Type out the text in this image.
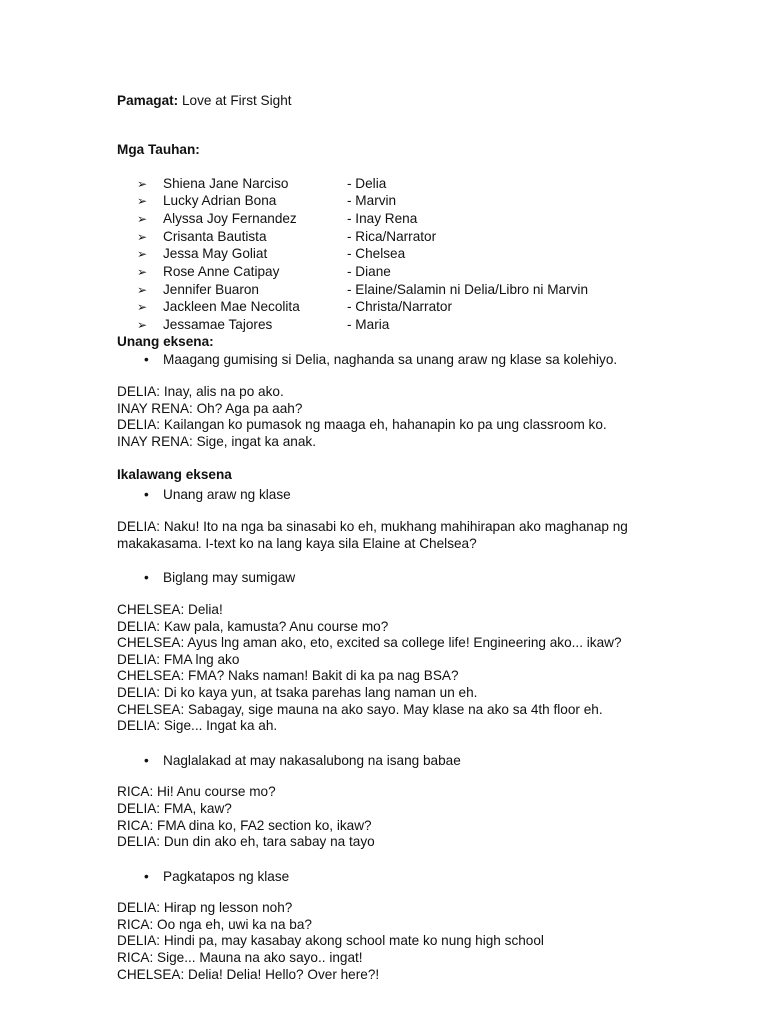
Pamagat: Love at First Sight
Mga Tauhan:
➢	Shiena Jane Narciso	- Delia
➢	Lucky Adrian Bona	- Marvin
➢	Alyssa Joy Fernandez	- Inay Rena
➢	Crisanta Bautista	- Rica/Narrator
➢	Jessa May Goliat	- Chelsea
➢	Rose Anne Catipay	- Diane
➢	Jennifer Buaron	- Elaine/Salamin ni Delia/Libro ni Marvin
➢	Jackleen Mae Necolita	- Christa/Narrator
➢	Jessamae Tajores	- Maria
Unang eksena:
•	Maagang gumising si Delia, naghanda sa unang araw ng klase sa kolehiyo.
DELIA: Inay, alis na po ako.
INAY RENA: Oh? Aga pa aah?
DELIA: Kailangan ko pumasok ng maaga eh, hahanapin ko pa ung classroom ko.
INAY RENA: Sige, ingat ka anak.
Ikalawang eksena
•	Unang araw ng klase
DELIA: Naku! Ito na nga ba sinasabi ko eh, mukhang mahihirapan ako maghanap ng makakasama. I-text ko na lang kaya sila Elaine at Chelsea?
•	Biglang may sumigaw
CHELSEA: Delia!
DELIA: Kaw pala, kamusta? Anu course mo?
CHELSEA: Ayus lng aman ako, eto, excited sa college life! Engineering ako... ikaw?
DELIA: FMA lng ako
CHELSEA: FMA? Naks naman! Bakit di ka pa nag BSA?
DELIA: Di ko kaya yun, at tsaka parehas lang naman un eh.
CHELSEA: Sabagay, sige mauna na ako sayo. May klase na ako sa 4th floor eh.
DELIA: Sige... Ingat ka ah.
•	Naglalakad at may nakasalubong na isang babae
RICA: Hi! Anu course mo?
DELIA: FMA, kaw?
RICA: FMA dina ko, FA2 section ko, ikaw?
DELIA: Dun din ako eh, tara sabay na tayo
•	Pagkatapos ng klase
DELIA: Hirap ng lesson noh?
RICA: Oo nga eh, uwi ka na ba?
DELIA: Hindi pa, may kasabay akong school mate ko nung high school
RICA: Sige... Mauna na ako sayo.. ingat!
CHELSEA: Delia! Delia! Hello? Over here?!
